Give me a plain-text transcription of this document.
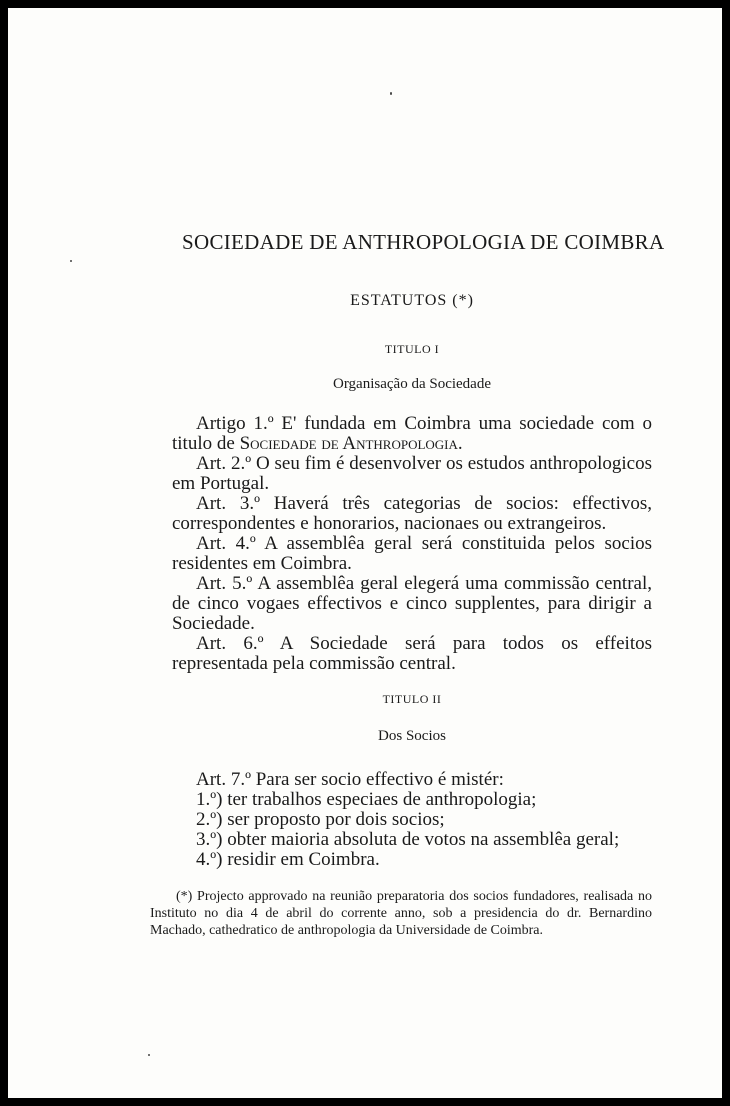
SOCIEDADE DE ANTHROPOLOGIA DE COIMBRA
ESTATUTOS (*)
TITULO I
Organisação da Sociedade

Artigo 1.º E' fundada em Coimbra uma sociedade com o titulo de Sociedade de Anthropologia.

Art. 2.º O seu fim é desenvolver os estudos anthropologicos em Portugal.

Art. 3.º Haverá três categorias de socios: effectivos, correspondentes e honorarios, nacionaes ou extrangeiros.

Art. 4.º A assemblêa geral será constituida pelos socios residentes em Coimbra.

Art. 5.º A assemblêa geral elegerá uma commissão central, de cinco vogaes effectivos e cinco supplentes, para dirigir a Sociedade.

Art. 6.º A Sociedade será para todos os effeitos representada pela commissão central.

TITULO II
Dos Socios

Art. 7.º Para ser socio effectivo é mistér:

1.º) ter trabalhos especiaes de anthropologia;

2.º) ser proposto por dois socios;

3.º) obter maioria absoluta de votos na assemblêa geral;

4.º) residir em Coimbra.

(*) Projecto approvado na reunião preparatoria dos socios fundadores, realisada no Instituto no dia 4 de abril do corrente anno, sob a presidencia do dr. Bernardino Machado, cathedratico de anthropologia da Universidade de Coimbra.
